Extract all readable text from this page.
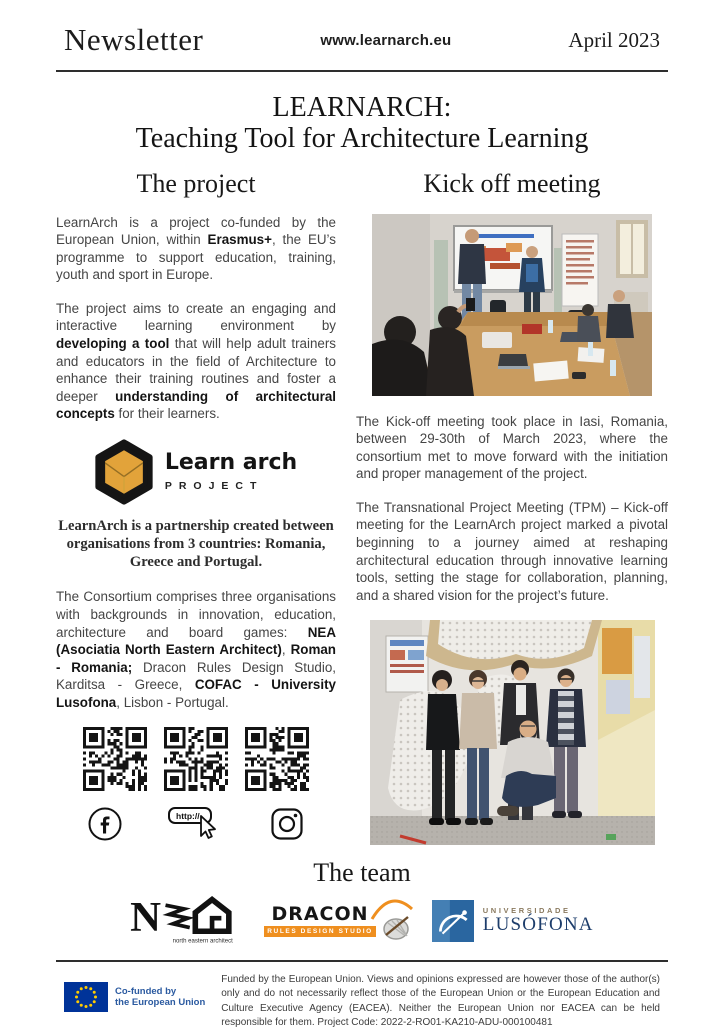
Newsletter	www.learnarch.eu	April 2023
LEARNARCH:
Teaching Tool for Architecture Learning
The project

LearnArch is a project co-funded by the European Union, within Erasmus+, the EU’s programme to support education, training, youth and sport in Europe.

The project aims to create an engaging and interactive learning environment by developing a tool that will help adult trainers and educators in the field of Architecture to enhance their training routines and foster a deeper understanding of architectural concepts for their learners.

Learn arch
PROJECT

LearnArch is a partnership created between organisations from 3 countries: Romania, Greece and Portugal.

The Consortium comprises three organisations with backgrounds in innovation, education, architecture and board games: NEA (Asociatia North Eastern Architect), Roman - Romania; Dracon Rules Design Studio, Karditsa - Greece, COFAC - University Lusofona, Lisbon - Portugal.

http://
Kick off meeting

The Kick-off meeting took place in Iasi, Romania, between 29-30th of March 2023, where the consortium met to move forward with the initiation and proper management of the project.

The Transnational Project Meeting (TPM) – Kick-off meeting for the LearnArch project marked a pivotal beginning to a journey aimed at reshaping architectural education through innovative learning tools, setting the stage for collaboration, planning, and a shared vision for the project’s future.

The team
N
north eastern architect
DRACON
RULES DESIGN STUDIO
UNIVERSIDADE
LUSÓFONA
Co-funded by
the European Union
Funded by the European Union. Views and opinions expressed are however those of the author(s) only and do not necessarily reflect those of the European Union or the European Education and Culture Executive Agency (EACEA). Neither the European Union nor EACEA can be held responsible for them. Project Code: 2022-2-RO01-KA210-ADU-000100481
